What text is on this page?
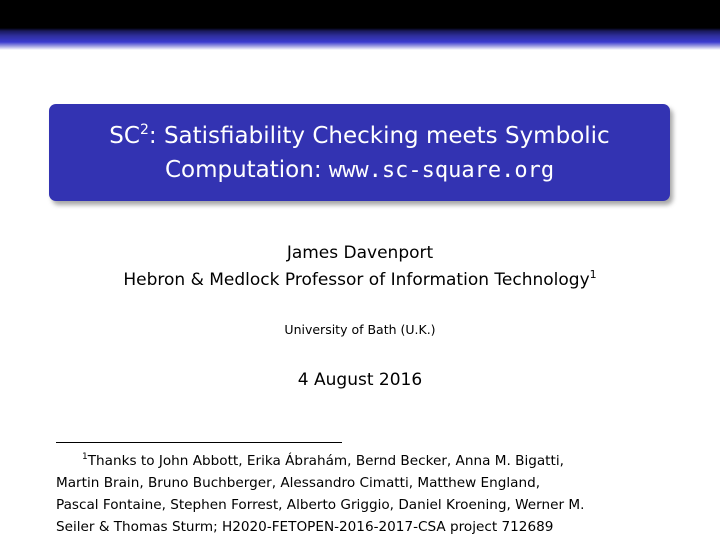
$SC^2$: Satisfiability Checking meets Symbolic
Computation: www.sc-square.org
James Davenport
Hebron & Medlock Professor of Information Technology$^1$
University of Bath (U.K.)
4 August 2016
$^1$Thanks to John Abbott, Erika Ábrahám, Bernd Becker, Anna M. Bigatti,
Martin Brain, Bruno Buchberger, Alessandro Cimatti, Matthew England,
Pascal Fontaine, Stephen Forrest, Alberto Griggio, Daniel Kroening, Werner M.
Seiler & Thomas Sturm; H2020-FETOPEN-2016-2017-CSA project 712689
